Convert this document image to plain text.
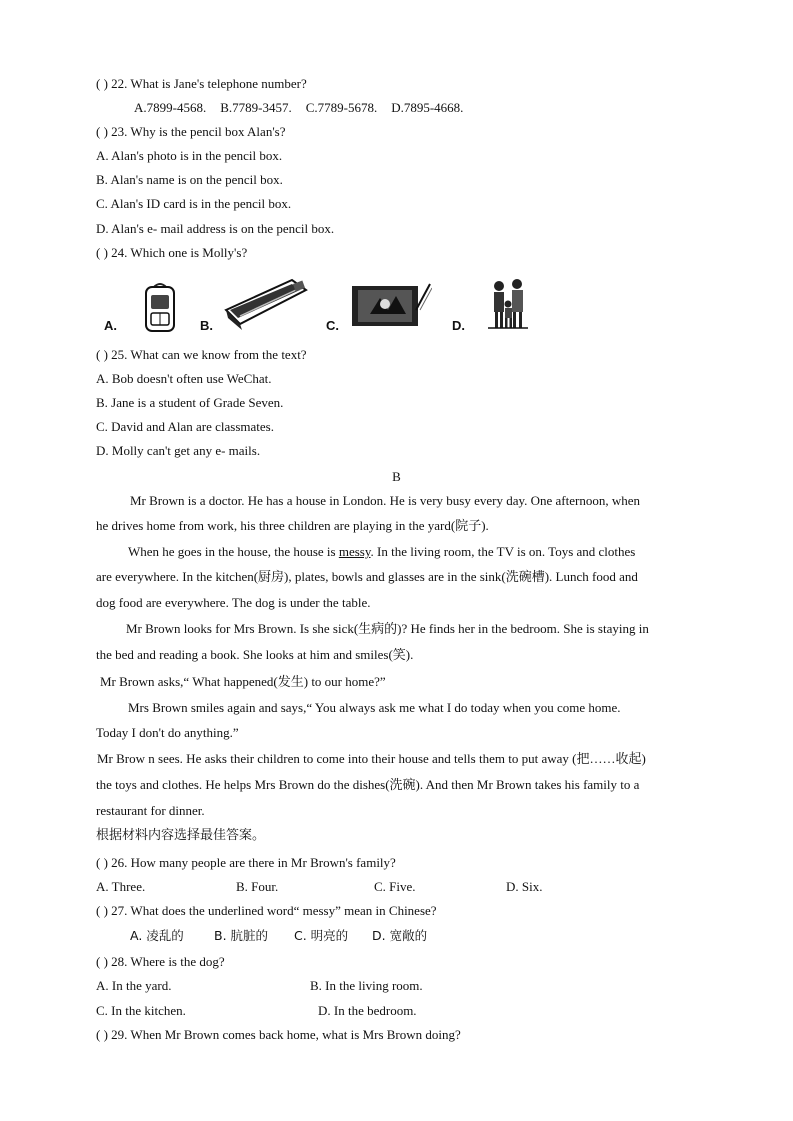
( ) 22. What is Jane's telephone number?
A.7899-4568. B.7789-3457. C.7789-5678. D.7895-4668.
( ) 23. Why is the pencil box Alan's?
A. Alan's photo is in the pencil box.
B. Alan's name is on the pencil box.
C. Alan's ID card is in the pencil box.
D. Alan's e- mail address is on the pencil box.
( ) 24. Which one is Molly's?
A.	B.	C.	D.
( ) 25. What can we know from the text?
A. Bob doesn't often use WeChat.
B. Jane is a student of Grade Seven.
C. David and Alan are classmates.
D. Molly can't get any e- mails.
B
Mr Brown is a doctor. He has a house in London. He is very busy every day. One afternoon, when
he drives home from work, his three children are playing in the yard(院子).
When he goes in the house, the house is messy. In the living room, the TV is on. Toys and clothes
are everywhere. In the kitchen(厨房), plates, bowls and glasses are in the sink(洗碗槽). Lunch food and
dog food are everywhere. The dog is under the table.
Mr Brown looks for Mrs Brown. Is she sick(生病的)? He finds her in the bedroom. She is staying in
the bed and reading a book. She looks at him and smiles(笑).
Mr Brown asks,“ What happened(发生) to our home?”
Mrs Brown smiles again and says,“ You always ask me what I do today when you come home.
Today I don't do anything.”
Mr Brow n sees. He asks their children to come into their house and tells them to put away (把……收起)
the toys and clothes. He helps Mrs Brown do the dishes(洗碗). And then Mr Brown takes his family to a
restaurant for dinner.
根据材料内容选择最佳答案。
( ) 26. How many people are there in Mr Brown's family?
A. Three.	B. Four.	C. Five.	D. Six.
( ) 27. What does the underlined word“ messy” mean in Chinese?
A. 凌乱的 B. 肮脏的 C. 明亮的 D. 宽敞的
( ) 28. Where is the dog?
A. In the yard.	B. In the living room.
C. In the kitchen.	D. In the bedroom.
( ) 29. When Mr Brown comes back home, what is Mrs Brown doing?
